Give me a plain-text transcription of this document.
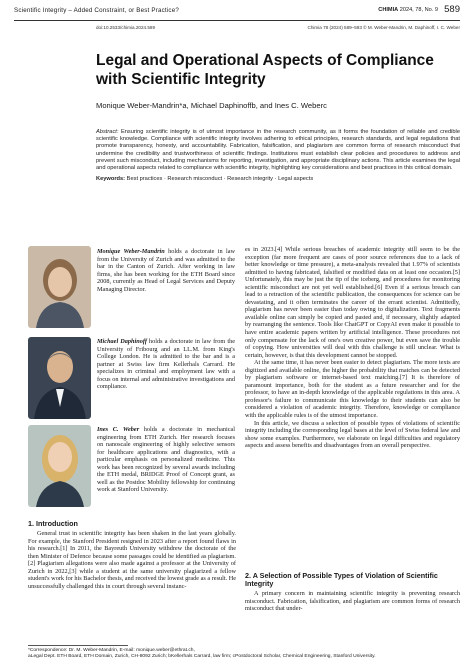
Scientific Integrity – Added Constraint, or Best Practice?	CHIMIA 2024, 78, No. 9 589
doi:10.2533/chimia.2024.589	Chimia 78 (2024) 589–593 © M. Weber-Mandrin, M. Daphinoff, I. C. Weber
Legal and Operational Aspects of Compliance with Scientific Integrity
Monique Weber-Mandrin*a, Michael Daphinoffb, and Ines C. Weberc

Abstract: Ensuring scientific integrity is of utmost importance in the research community, as it forms the foundation of reliable and credible scientific knowledge. Compliance with scientific integrity involves adhering to ethical principles, research standards, and legal regulations that promote transparency, honesty, and accountability. Fabrication, falsification, and plagiarism are common forms of research misconduct that undermine the credibility and trustworthiness of scientific findings. Institutions must establish clear policies and procedures to address and prevent such misconduct, including mechanisms for reporting, investigation, and appropriate disciplinary actions. This article examines the legal and operational aspects related to compliance with scientific integrity, highlighting key considerations and best practices in this critical domain.

Keywords: Best practices · Research misconduct · Research integrity · Legal aspects

Monique Weber-Mandrin holds a doctorate in law from the University of Zurich and was admitted to the bar in the Canton of Zurich. After working in law firms, she has been working for the ETH Board since 2008, currently as Head of Legal Services and Deputy Managing Director.
Michael Daphinoff holds a doctorate in law from the University of Fribourg and an LL.M. from King's College London. He is admitted to the bar and is a partner at Swiss law firm Kellerhals Carrard. He specializes in criminal and employment law with a focus on internal and administrative investigations and compliance.
Ines C. Weber holds a doctorate in mechanical engineering from ETH Zurich. Her research focuses on nanoscale engineering of highly selective sensors for healthcare applications and diagnostics, with a particular emphasis on personalized medicine. This work has been recognized by several awards including the ETH medal, BRIDGE Proof of Concept grant, as well as the Postdoc Mobility fellowship for continuing work at Stanford University.
1. Introduction

General trust in scientific integrity has been shaken in the last years globally. For example, the Stanford President resigned in 2023 after a report found flaws in his research.[1] In 2011, the Bayreuth University withdrew the doctorate of the then Minister of Defence because some passages could be identified as plagiarism.[2] Plagiarism allegations were also made against a professor at the University of Zurich in 2022,[3] while a student at the same university plagiarized a fellow student's work for his Bachelor thesis, and received the lowest grade as a result. He unsuccessfully challenged this in court through several instanc-

es in 2023.[4] While serious breaches of academic integrity still seem to be the exception (far more frequent are cases of poor source references due to a lack of better knowledge or time pressure), a meta-analysis revealed that 1.97% of scientists admitted to having fabricated, falsified or modified data on at least one occasion.[5] Unfortunately, this may be just the tip of the iceberg, and procedures for monitoring scientific misconduct are not yet well established.[6] Even if a serious breach can lead to a retraction of the scientific publication, the consequences for science can be devastating, and it often terminates the career of the errant scientist. Admittedly, plagiarism has never been easier than today owing to digitalization. Text fragments available online can simply be copied and pasted and, if necessary, slightly adapted by rearranging the sentence. Tools like ChatGPT or CopyAI even make it possible to have entire academic papers written by artificial intelligence. These procedures not only compensate for the lack of one's own creative power, but even save the trouble of copying. How universities will deal with this challenge is still unclear. What is certain, however, is that this development cannot be stopped.

At the same time, it has never been easier to detect plagiarism. The more texts are digitized and available online, the higher the probability that matches can be detected by plagiarism software or internet-based text matching.[7] It is therefore of paramount importance, both for the student as a future researcher and for the professor, to have an in-depth knowledge of the applicable regulations in this area. A professor's failure to communicate this knowledge to their students can also be considered a violation of academic integrity. Therefore, knowledge or compliance with the applicable rules is of the utmost importance.

In this article, we discuss a selection of possible types of violations of scientific integrity including the corresponding legal bases at the level of Swiss federal law and show some examples. Furthermore, we elaborate on legal difficulties and regulatory aspects and assess benefits and disadvantages from an overall perspective.

2. A Selection of Possible Types of Violation of Scientific Integrity

A primary concern in maintaining scientific integrity is preventing research misconduct. Fabrication, falsification, and plagiarism are common forms of research misconduct that under-

*Correspondence: Dr. M. Weber-Mandrin, E-mail: monique.weber@ethrat.ch,
aLegal Dept. ETH Board, ETH Domain, Zurich, CH-8092 Zurich; bKellerhals Carrard, law firm; cPostdoctoral Scholar, Chemical Engineering, Stanford University.
